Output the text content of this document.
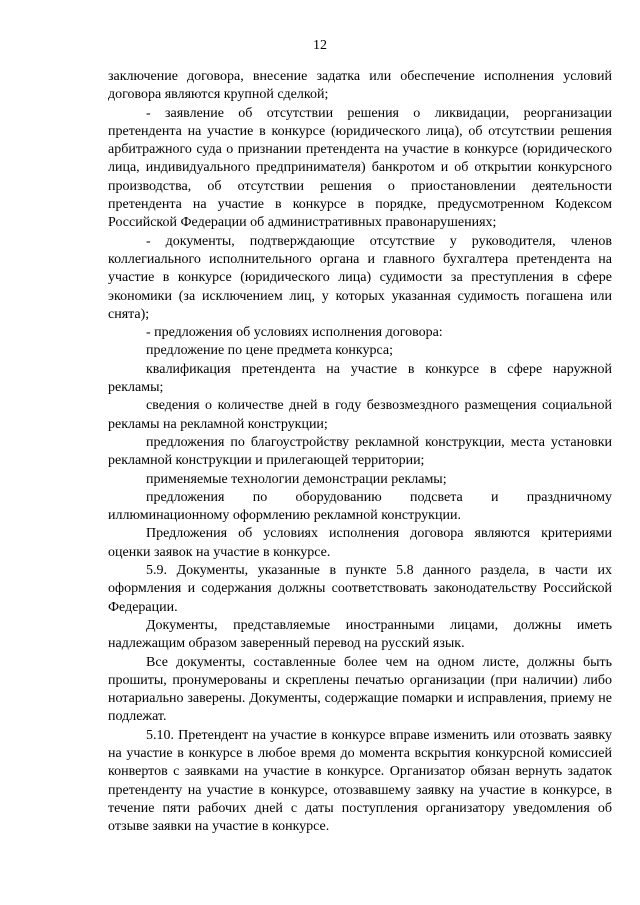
12

заключение договора, внесение задатка или обеспечение исполнения условий договора являются крупной сделкой;

- заявление об отсутствии решения о ликвидации, реорганизации претендента на участие в конкурсе (юридического лица), об отсутствии решения арбитражного суда о признании претендента на участие в конкурсе (юридического лица, индивидуального предпринимателя) банкротом и об открытии конкурсного производства, об отсутствии решения о приостановлении деятельности претендента на участие в конкурсе в порядке, предусмотренном Кодексом Российской Федерации об административных правонарушениях;

- документы, подтверждающие отсутствие у руководителя, членов коллегиального исполнительного органа и главного бухгалтера претендента на участие в конкурсе (юридического лица) судимости за преступления в сфере экономики (за исключением лиц, у которых указанная судимость погашена или снята);

- предложения об условиях исполнения договора:

предложение по цене предмета конкурса;

квалификация претендента на участие в конкурсе в сфере наружной рекламы;

сведения о количестве дней в году безвозмездного размещения социальной рекламы на рекламной конструкции;

предложения по благоустройству рекламной конструкции, места установки рекламной конструкции и прилегающей территории;

применяемые технологии демонстрации рекламы;

предложения по оборудованию подсвета и праздничному иллюминационному оформлению рекламной конструкции.

Предложения об условиях исполнения договора являются критериями оценки заявок на участие в конкурсе.

5.9. Документы, указанные в пункте 5.8 данного раздела, в части их оформления и содержания должны соответствовать законодательству Российской Федерации.

Документы, представляемые иностранными лицами, должны иметь надлежащим образом заверенный перевод на русский язык.

Все документы, составленные более чем на одном листе, должны быть прошиты, пронумерованы и скреплены печатью организации (при наличии) либо нотариально заверены. Документы, содержащие помарки и исправления, приему не подлежат.

5.10. Претендент на участие в конкурсе вправе изменить или отозвать заявку на участие в конкурсе в любое время до момента вскрытия конкурсной комиссией конвертов с заявками на участие в конкурсе. Организатор обязан вернуть задаток претенденту на участие в конкурсе, отозвавшему заявку на участие в конкурсе, в течение пяти рабочих дней с даты поступления организатору уведомления об отзыве заявки на участие в конкурсе.
